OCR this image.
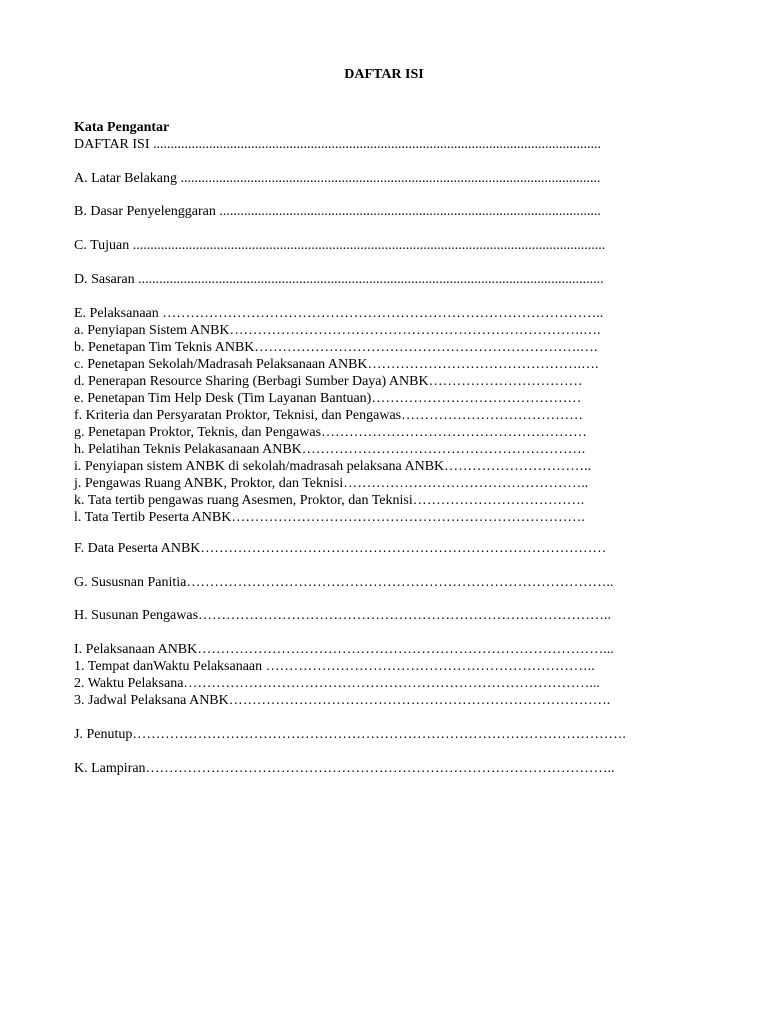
DAFTAR ISI
Kata Pengantar
DAFTAR ISI ................................................................................................................................
A. Latar Belakang ........................................................................................................................
B. Dasar Penyelenggaran .............................................................................................................
C. Tujuan .......................................................................................................................................
D. Sasaran .....................................................................................................................................
E. Pelaksanaan …………………………………………………………………………………..
a. Penyiapan Sistem ANBK………………………………………………………………….….
b. Penetapan Tim Teknis ANBK…………………………………………………………….….
c. Penetapan Sekolah/Madrasah Pelaksanaan ANBK……………………………………….….
d. Penerapan Resource Sharing (Berbagi Sumber Daya) ANBK……………………………
e. Penetapan Tim Help Desk (Tim Layanan Bantuan)………………………………………
f. Kriteria dan Persyaratan Proktor, Teknisi, dan Pengawas…………………………………
g. Penetapan Proktor, Teknis, dan Pengawas…………………………………………………
h. Pelatihan Teknis Pelakasanaan ANBK…………………………………………………….
i. Penyiapan sistem ANBK di sekolah/madrasah pelaksana ANBK…………………………..
j. Pengawas Ruang ANBK, Proktor, dan Teknisi……………………………………………..
k. Tata tertib pengawas ruang Asesmen, Proktor, dan Teknisi……………………………….
l. Tata Tertib Peserta ANBK………………………………………………………………….
F. Data Peserta ANBK……………………………………………………………………………
G. Sususnan Panitia………………………………………………………………………………..
H. Susunan Pengawas……………………………………………………………………………..
I. Pelaksanaan ANBK……………………………………………………………………………...
1. Tempat danWaktu Pelaksanaan ……………………………………………………………..
2. Waktu Pelaksana……………………………………………………………………………...
3. Jadwal Pelaksana ANBK……………………………………………………………………….
J. Penutup…………………………………………………………………………………………….
K. Lampiran………………………………………………………………………………………..
